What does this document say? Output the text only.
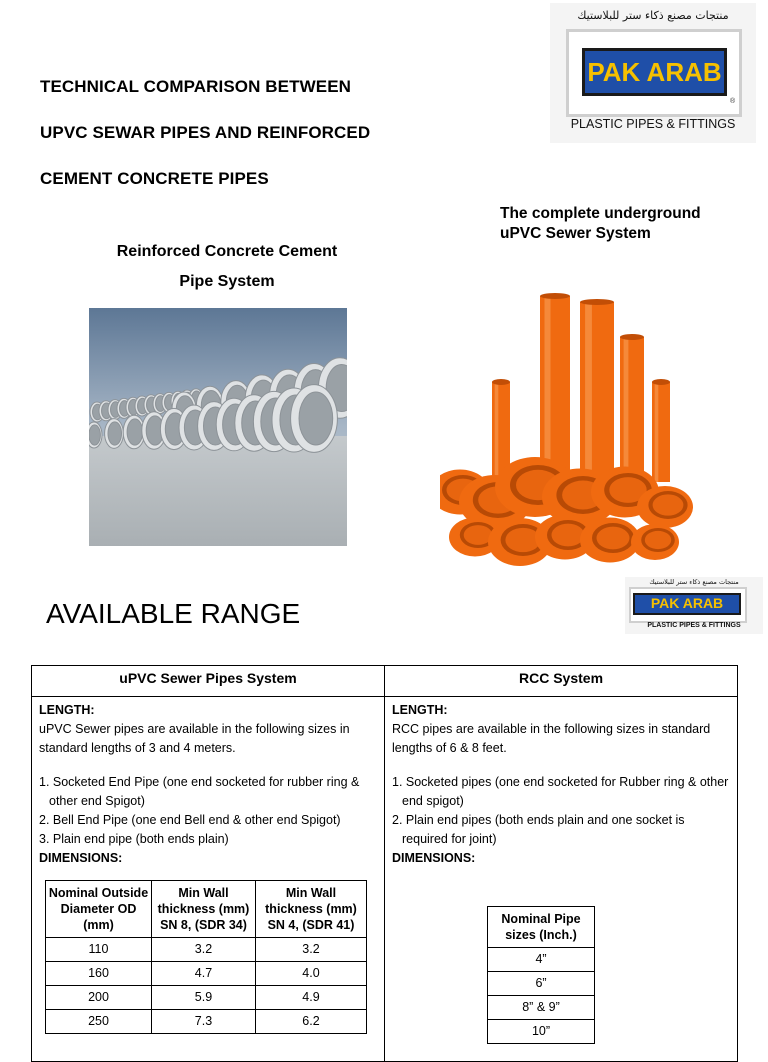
TECHNICAL COMPARISON BETWEEN
UPVC SEWAR PIPES AND REINFORCED
CEMENT CONCRETE PIPES
منتجات مصنع ذكاء ستر للبلاستيك
PAK ARAB
®
PLASTIC PIPES & FITTINGS
Reinforced Concrete Cement
Pipe System
The complete underground
uPVC Sewer System
AVAILABLE RANGE
منتجات مصنع ذكاء ستر للبلاستيك
PAK ARAB
PLASTIC PIPES & FITTINGS
uPVC Sewer Pipes System	RCC System

LENGTH:
uPVC Sewer pipes are available in the following sizes in standard lengths of 3 and 4 meters.
1. Socketed End Pipe (one end socketed for rubber ring & other end Spigot)
2. Bell End Pipe (one end Bell end & other end Spigot)
3. Plain end pipe (both ends plain)
DIMENSIONS:
Nominal Outside Diameter OD (mm)	Min Wall thickness (mm) SN 8, (SDR 34)	Min Wall thickness (mm) SN 4, (SDR 41)
110	3.2	3.2
160	4.7	4.0
200	5.9	4.9
250	7.3	6.2

LENGTH:
RCC pipes are available in the following sizes in standard lengths of 6 & 8 feet.
1. Socketed pipes (one end socketed for Rubber ring & other end spigot)
2. Plain end pipes (both ends plain and one socket is required for joint)
DIMENSIONS:
Nominal Pipe sizes (Inch.)
4”
6”
8” & 9”
10”
